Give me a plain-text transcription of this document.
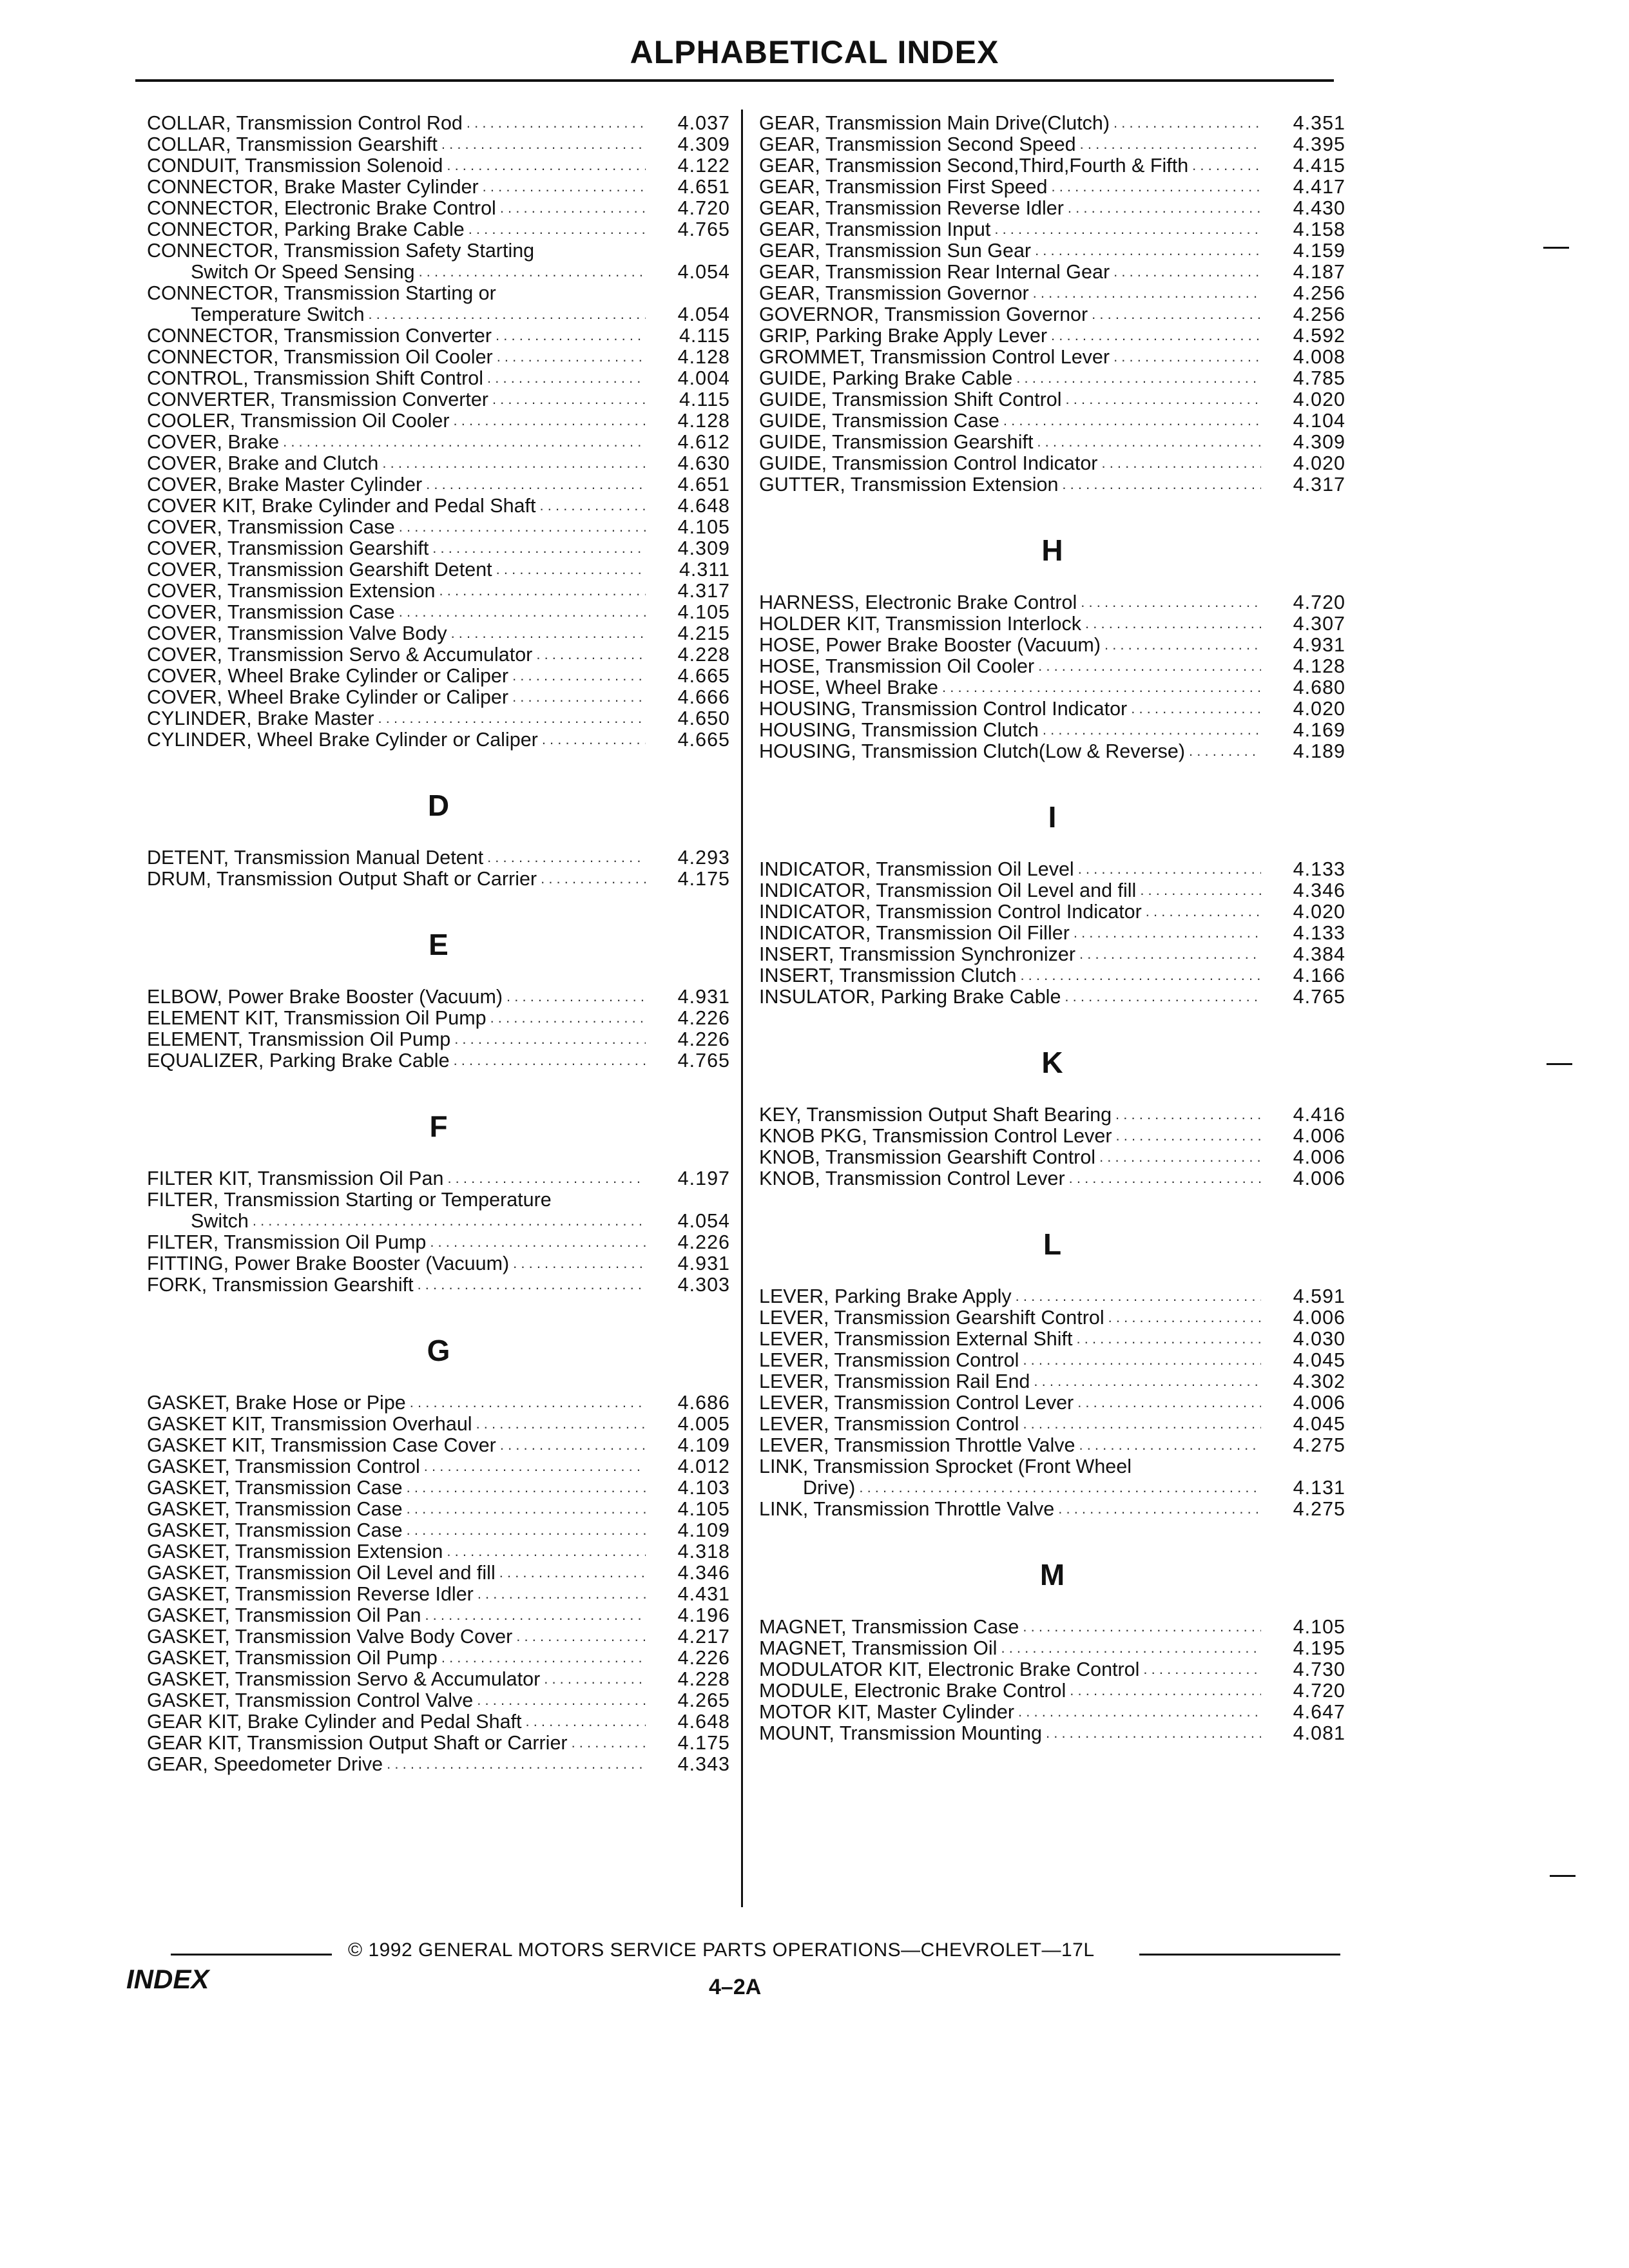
ALPHABETICAL INDEX
COLLAR, Transmission Control Rod . . .	4.037
COLLAR, Transmission Gearshift . . .	4.309
CONDUIT, Transmission Solenoid . . .	4.122
CONNECTOR, Brake Master Cylinder . . .	4.651
CONNECTOR, Electronic Brake Control . . .	4.720
CONNECTOR, Parking Brake Cable . . .	4.765
CONNECTOR, Transmission Safety Starting
Switch Or Speed Sensing . . .	4.054
CONNECTOR, Transmission Starting or
Temperature Switch . . .	4.054
CONNECTOR, Transmission Converter . . .	4.115
CONNECTOR, Transmission Oil Cooler . . .	4.128
CONTROL, Transmission Shift Control . . .	4.004
CONVERTER, Transmission Converter . . .	4.115
COOLER, Transmission Oil Cooler . . .	4.128
COVER, Brake . . .	4.612
COVER, Brake and Clutch . . .	4.630
COVER, Brake Master Cylinder . . .	4.651
COVER KIT, Brake Cylinder and Pedal Shaft . . .	4.648
COVER, Transmission Case . . .	4.105
COVER, Transmission Gearshift . . .	4.309
COVER, Transmission Gearshift Detent . . .	4.311
COVER, Transmission Extension . . .	4.317
COVER, Transmission Case . . .	4.105
COVER, Transmission Valve Body . . .	4.215
COVER, Transmission Servo & Accumulator . . .	4.228
COVER, Wheel Brake Cylinder or Caliper . . .	4.665
COVER, Wheel Brake Cylinder or Caliper . . .	4.666
CYLINDER, Brake Master . . .	4.650
CYLINDER, Wheel Brake Cylinder or Caliper . . .	4.665
D
DETENT, Transmission Manual Detent . . .	4.293
DRUM, Transmission Output Shaft or Carrier . . .	4.175
E
ELBOW, Power Brake Booster (Vacuum) . . .	4.931
ELEMENT KIT, Transmission Oil Pump . . .	4.226
ELEMENT, Transmission Oil Pump . . .	4.226
EQUALIZER, Parking Brake Cable . . .	4.765
F
FILTER KIT, Transmission Oil Pan . . .	4.197
FILTER, Transmission Starting or Temperature
Switch . . .	4.054
FILTER, Transmission Oil Pump . . .	4.226
FITTING, Power Brake Booster (Vacuum) . . .	4.931
FORK, Transmission Gearshift . . .	4.303
G
GASKET, Brake Hose or Pipe . . .	4.686
GASKET KIT, Transmission Overhaul . . .	4.005
GASKET KIT, Transmission Case Cover . . .	4.109
GASKET, Transmission Control . . .	4.012
GASKET, Transmission Case . . .	4.103
GASKET, Transmission Case . . .	4.105
GASKET, Transmission Case . . .	4.109
GASKET, Transmission Extension . . .	4.318
GASKET, Transmission Oil Level and fill . . .	4.346
GASKET, Transmission Reverse Idler . . .	4.431
GASKET, Transmission Oil Pan . . .	4.196
GASKET, Transmission Valve Body Cover . . .	4.217
GASKET, Transmission Oil Pump . . .	4.226
GASKET, Transmission Servo & Accumulator . . .	4.228
GASKET, Transmission Control Valve . . .	4.265
GEAR KIT, Brake Cylinder and Pedal Shaft . . .	4.648
GEAR KIT, Transmission Output Shaft or Carrier . . .	4.175
GEAR, Speedometer Drive . . .	4.343
GEAR, Transmission Main Drive(Clutch) . . .	4.351
GEAR, Transmission Second Speed . . .	4.395
GEAR, Transmission Second,Third,Fourth & Fifth . . .	4.415
GEAR, Transmission First Speed . . .	4.417
GEAR, Transmission Reverse Idler . . .	4.430
GEAR, Transmission Input . . .	4.158
GEAR, Transmission Sun Gear . . .	4.159
GEAR, Transmission Rear Internal Gear . . .	4.187
GEAR, Transmission Governor . . .	4.256
GOVERNOR, Transmission Governor . . .	4.256
GRIP, Parking Brake Apply Lever . . .	4.592
GROMMET, Transmission Control Lever . . .	4.008
GUIDE, Parking Brake Cable . . .	4.785
GUIDE, Transmission Shift Control . . .	4.020
GUIDE, Transmission Case . . .	4.104
GUIDE, Transmission Gearshift . . .	4.309
GUIDE, Transmission Control Indicator . . .	4.020
GUTTER, Transmission Extension . . .	4.317
H
HARNESS, Electronic Brake Control . . .	4.720
HOLDER KIT, Transmission Interlock . . .	4.307
HOSE, Power Brake Booster (Vacuum) . . .	4.931
HOSE, Transmission Oil Cooler . . .	4.128
HOSE, Wheel Brake . . .	4.680
HOUSING, Transmission Control Indicator . . .	4.020
HOUSING, Transmission Clutch . . .	4.169
HOUSING, Transmission Clutch(Low & Reverse) . . .	4.189
I
INDICATOR, Transmission Oil Level . . .	4.133
INDICATOR, Transmission Oil Level and fill . . .	4.346
INDICATOR, Transmission Control Indicator . . .	4.020
INDICATOR, Transmission Oil Filler . . .	4.133
INSERT, Transmission Synchronizer . . .	4.384
INSERT, Transmission Clutch . . .	4.166
INSULATOR, Parking Brake Cable . . .	4.765
K
KEY, Transmission Output Shaft Bearing . . .	4.416
KNOB PKG, Transmission Control Lever . . .	4.006
KNOB, Transmission Gearshift Control . . .	4.006
KNOB, Transmission Control Lever . . .	4.006
L
LEVER, Parking Brake Apply . . .	4.591
LEVER, Transmission Gearshift Control . . .	4.006
LEVER, Transmission External Shift . . .	4.030
LEVER, Transmission Control . . .	4.045
LEVER, Transmission Rail End . . .	4.302
LEVER, Transmission Control Lever . . .	4.006
LEVER, Transmission Control . . .	4.045
LEVER, Transmission Throttle Valve . . .	4.275
LINK, Transmission Sprocket (Front Wheel
Drive) . . .	4.131
LINK, Transmission Throttle Valve . . .	4.275
M
MAGNET, Transmission Case . . .	4.105
MAGNET, Transmission Oil . . .	4.195
MODULATOR KIT, Electronic Brake Control . . .	4.730
MODULE, Electronic Brake Control . . .	4.720
MOTOR KIT, Master Cylinder . . .	4.647
MOUNT, Transmission Mounting . . .	4.081
© 1992 GENERAL MOTORS SERVICE PARTS OPERATIONS—CHEVROLET—17L
INDEX	4–2A
